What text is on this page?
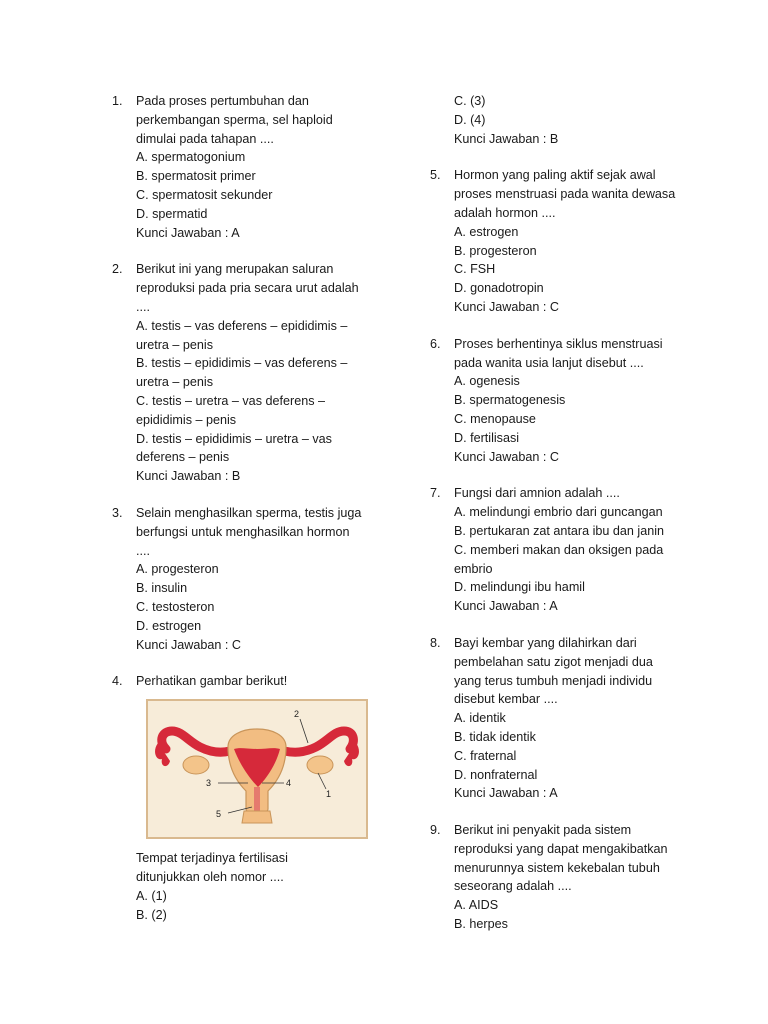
1.	Pada proses pertumbuhan dan
perkembangan sperma, sel haploid
dimulai pada tahapan ....
A. spermatogonium
B. spermatosit primer
C. spermatosit sekunder
D. spermatid
Kunci Jawaban : A
2.	Berikut ini yang merupakan saluran
reproduksi pada pria secara urut adalah
....
A. testis – vas deferens – epididimis –
uretra – penis
B. testis – epididimis – vas deferens –
uretra – penis
C. testis – uretra – vas deferens –
epididimis – penis
D. testis – epididimis – uretra – vas
deferens – penis
Kunci Jawaban : B
3.	Selain menghasilkan sperma, testis juga
berfungsi untuk menghasilkan hormon
....
A. progesteron
B. insulin
C. testosteron
D. estrogen
Kunci Jawaban : C
4.	Perhatikan gambar berikut!
2
3	4
1
5
Tempat terjadinya fertilisasi
ditunjukkan oleh nomor ....
A. (1)
B. (2)
C. (3)
D. (4)
Kunci Jawaban : B
5.	Hormon yang paling aktif sejak awal
proses menstruasi pada wanita dewasa
adalah hormon ....
A. estrogen
B. progesteron
C. FSH
D. gonadotropin
Kunci Jawaban : C
6.	Proses berhentinya siklus menstruasi
pada wanita usia lanjut disebut ....
A. ogenesis
B. spermatogenesis
C. menopause
D. fertilisasi
Kunci Jawaban : C
7.	Fungsi dari amnion adalah ....
A. melindungi embrio dari guncangan
B. pertukaran zat antara ibu dan janin
C. memberi makan dan oksigen pada
embrio
D. melindungi ibu hamil
Kunci Jawaban : A
8.	Bayi kembar yang dilahirkan dari
pembelahan satu zigot menjadi dua
yang terus tumbuh menjadi individu
disebut kembar ....
A. identik
B. tidak identik
C. fraternal
D. nonfraternal
Kunci Jawaban : A
9.	Berikut ini penyakit pada sistem
reproduksi yang dapat mengakibatkan
menurunnya sistem kekebalan tubuh
seseorang adalah ....
A. AIDS
B. herpes
